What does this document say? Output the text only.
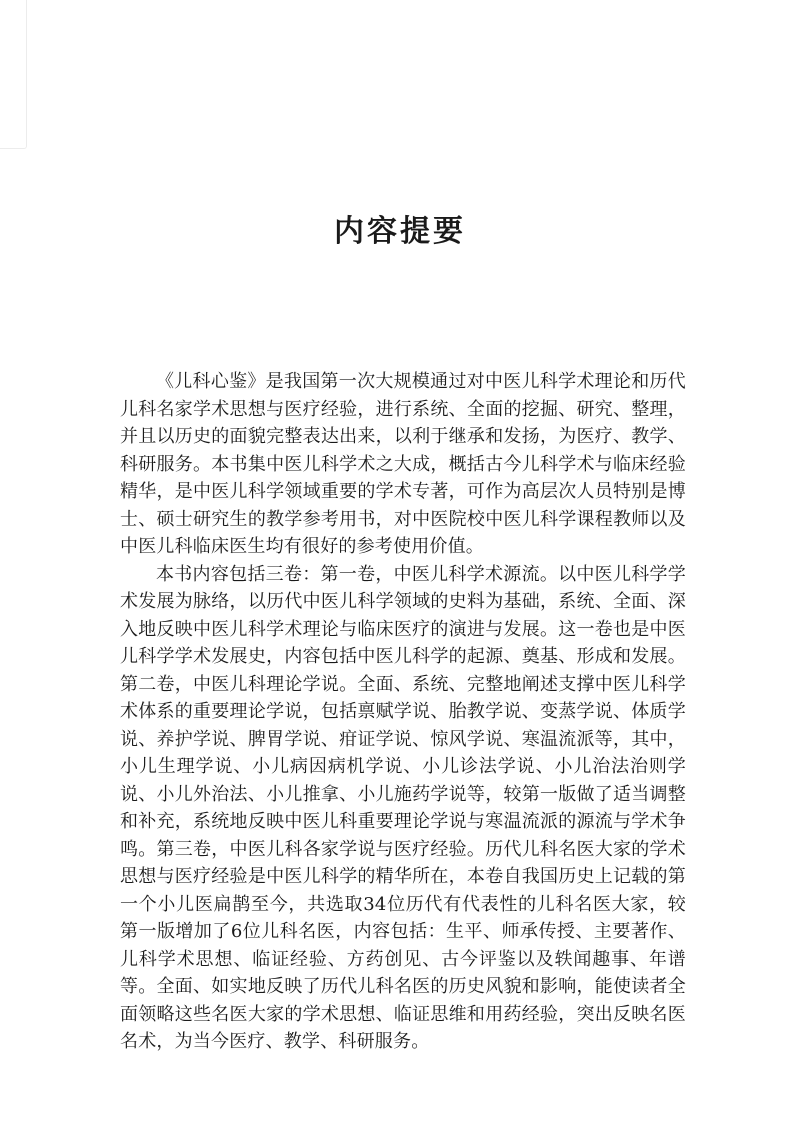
内容提要

《儿科心鉴》是我国第一次大规模通过对中医儿科学术理论和历代儿科名家学术思想与医疗经验，进行系统、全面的挖掘、研究、整理，并且以历史的面貌完整表达出来，以利于继承和发扬，为医疗、教学、科研服务。本书集中医儿科学术之大成，概括古今儿科学术与临床经验精华，是中医儿科学领域重要的学术专著，可作为高层次人员特别是博士、硕士研究生的教学参考用书，对中医院校中医儿科学课程教师以及中医儿科临床医生均有很好的参考使用价值。

本书内容包括三卷：第一卷，中医儿科学术源流。以中医儿科学学术发展为脉络，以历代中医儿科学领域的史料为基础，系统、全面、深入地反映中医儿科学术理论与临床医疗的演进与发展。这一卷也是中医儿科学学术发展史，内容包括中医儿科学的起源、奠基、形成和发展。第二卷，中医儿科理论学说。全面、系统、完整地阐述支撑中医儿科学术体系的重要理论学说，包括禀赋学说、胎教学说、变蒸学说、体质学说、养护学说、脾胃学说、疳证学说、惊风学说、寒温流派等，其中，小儿生理学说、小儿病因病机学说、小儿诊法学说、小儿治法治则学说、小儿外治法、小儿推拿、小儿施药学说等，较第一版做了适当调整和补充，系统地反映中医儿科重要理论学说与寒温流派的源流与学术争鸣。第三卷，中医儿科各家学说与医疗经验。历代儿科名医大家的学术思想与医疗经验是中医儿科学的精华所在，本卷自我国历史上记载的第一个小儿医扁鹊至今，共选取34位历代有代表性的儿科名医大家，较第一版增加了6位儿科名医，内容包括：生平、师承传授、主要著作、儿科学术思想、临证经验、方药创见、古今评鉴以及轶闻趣事、年谱等。全面、如实地反映了历代儿科名医的历史风貌和影响，能使读者全面领略这些名医大家的学术思想、临证思维和用药经验，突出反映名医名术，为当今医疗、教学、科研服务。
